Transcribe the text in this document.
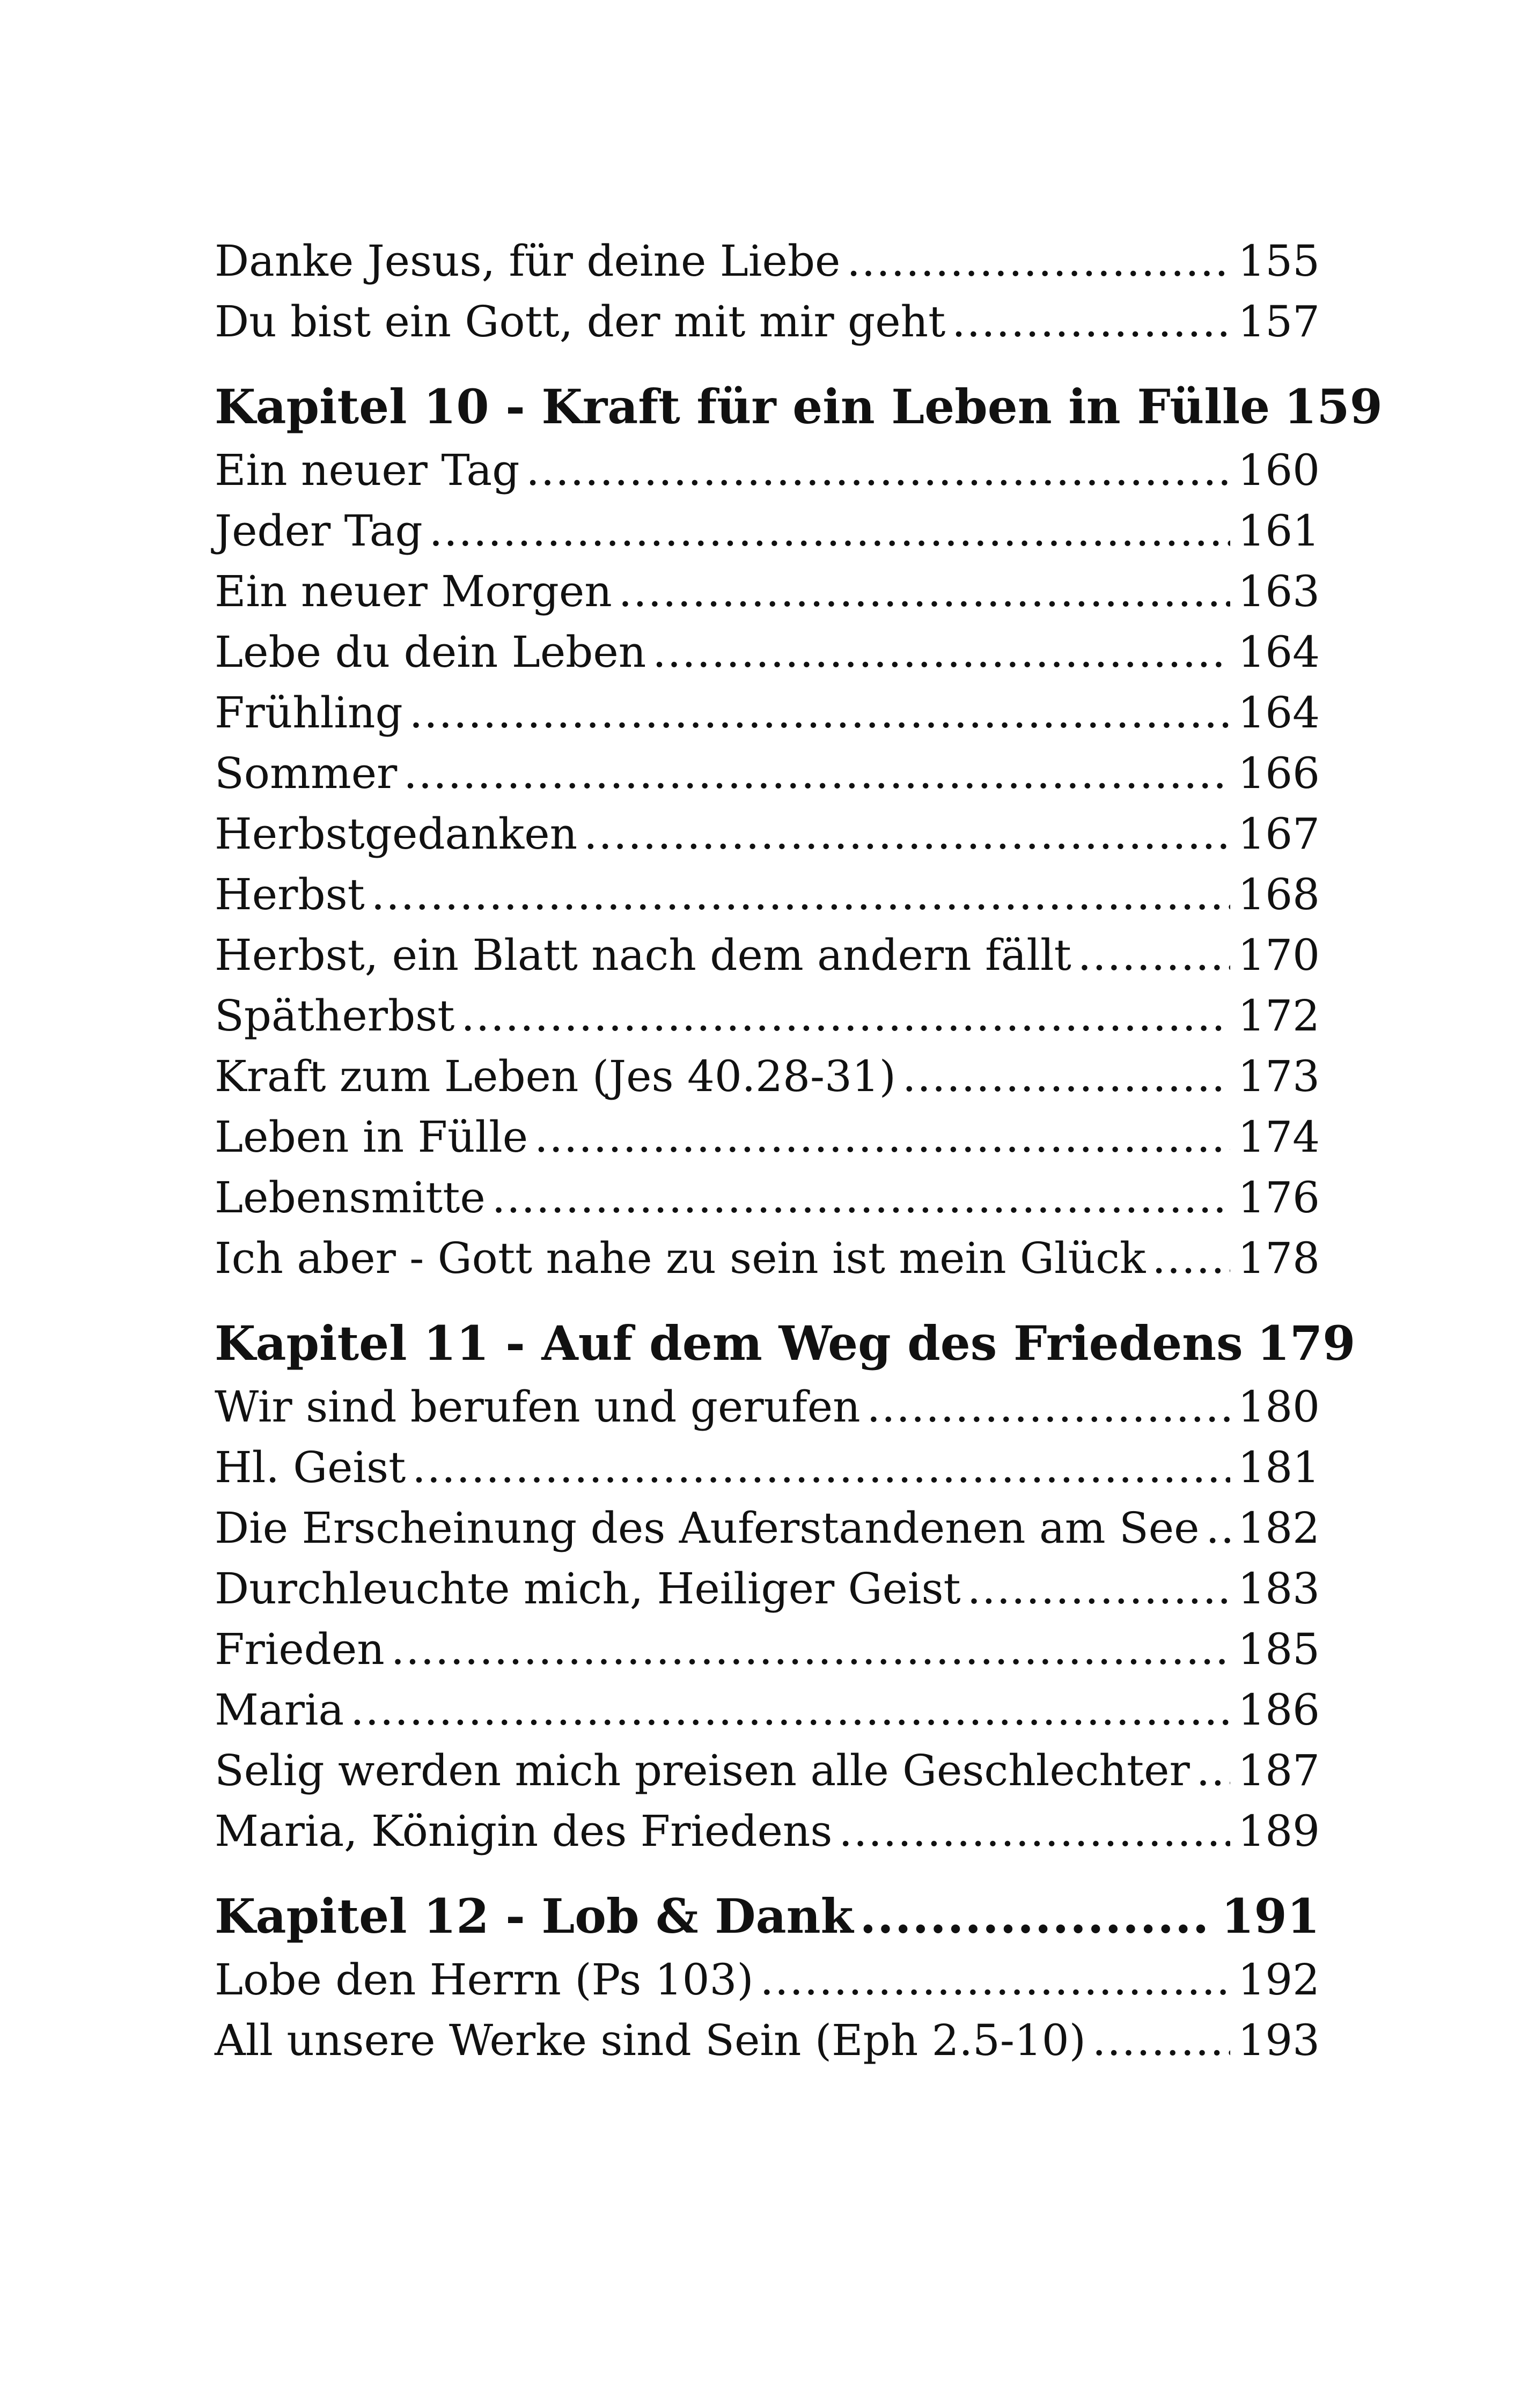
Danke Jesus, für deine Liebe .....	155
Du bist ein Gott, der mit mir geht .....	157
Kapitel 10 - Kraft für ein Leben in Fülle 159
Ein neuer Tag .....	160
Jeder Tag .....	161
Ein neuer Morgen .....	163
Lebe du dein Leben .....	164
Frühling .....	164
Sommer .....	166
Herbstgedanken .....	167
Herbst .....	168
Herbst, ein Blatt nach dem andern fällt .....	170
Spätherbst .....	172
Kraft zum Leben (Jes 40.28-31) .....	173
Leben in Fülle .....	174
Lebensmitte .....	176
Ich aber - Gott nahe zu sein ist mein Glück ..... 178
Kapitel 11 - Auf dem Weg des Friedens 179
Wir sind berufen und gerufen .....	180
Hl. Geist .....	181
Die Erscheinung des Auferstandenen am See ..... 182
Durchleuchte mich, Heiliger Geist .....	183
Frieden .....	185
Maria .....	186
Selig werden mich preisen alle Geschlechter ..... 187
Maria, Königin des Friedens .....	189
Kapitel 12 - Lob & Dank .....	191
Lobe den Herrn (Ps 103) .....	192
All unsere Werke sind Sein (Eph 2.5-10) .....	193
